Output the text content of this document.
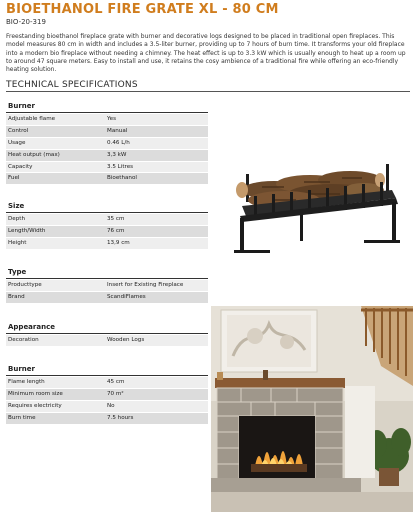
BIOETHANOL FIRE GRATE XL - 80 CM
BIO-20-319
Freestanding bioethanol fireplace grate with burner and decorative logs designed to be placed in traditional open fireplaces. This model measures 80 cm in width and includes a 3.5-liter burner, providing up to 7 hours of burn time. It transforms your old fireplace into a modern bio fireplace without needing a chimney. The heat effect is up to 3.3 kW which is usually enough to heat up a room up to around 47 square meters. Easy to install and use, it retains the cosy ambience of a traditional fire while offering an eco-friendly heating solution.
TECHNICAL SPECIFICATIONS
Burner
Adjustable flame	Yes
Control	Manual
Usage	0.46 L/h
Heat output (max)	3,3 kW
Capacity	3.5 Litres
Fuel	Bioethanol
Size
Depth	35 cm
Length/Width	76 cm
Height	13,9 cm
Type
Producttype	Insert for Existing Fireplace
Brand	ScandiFlames
Appearance
Decoration	Wooden Logs
Burner
Flame length	45 cm
Minimum room size	70 m²
Requires electricity	No
Burn time	7.5 hours
